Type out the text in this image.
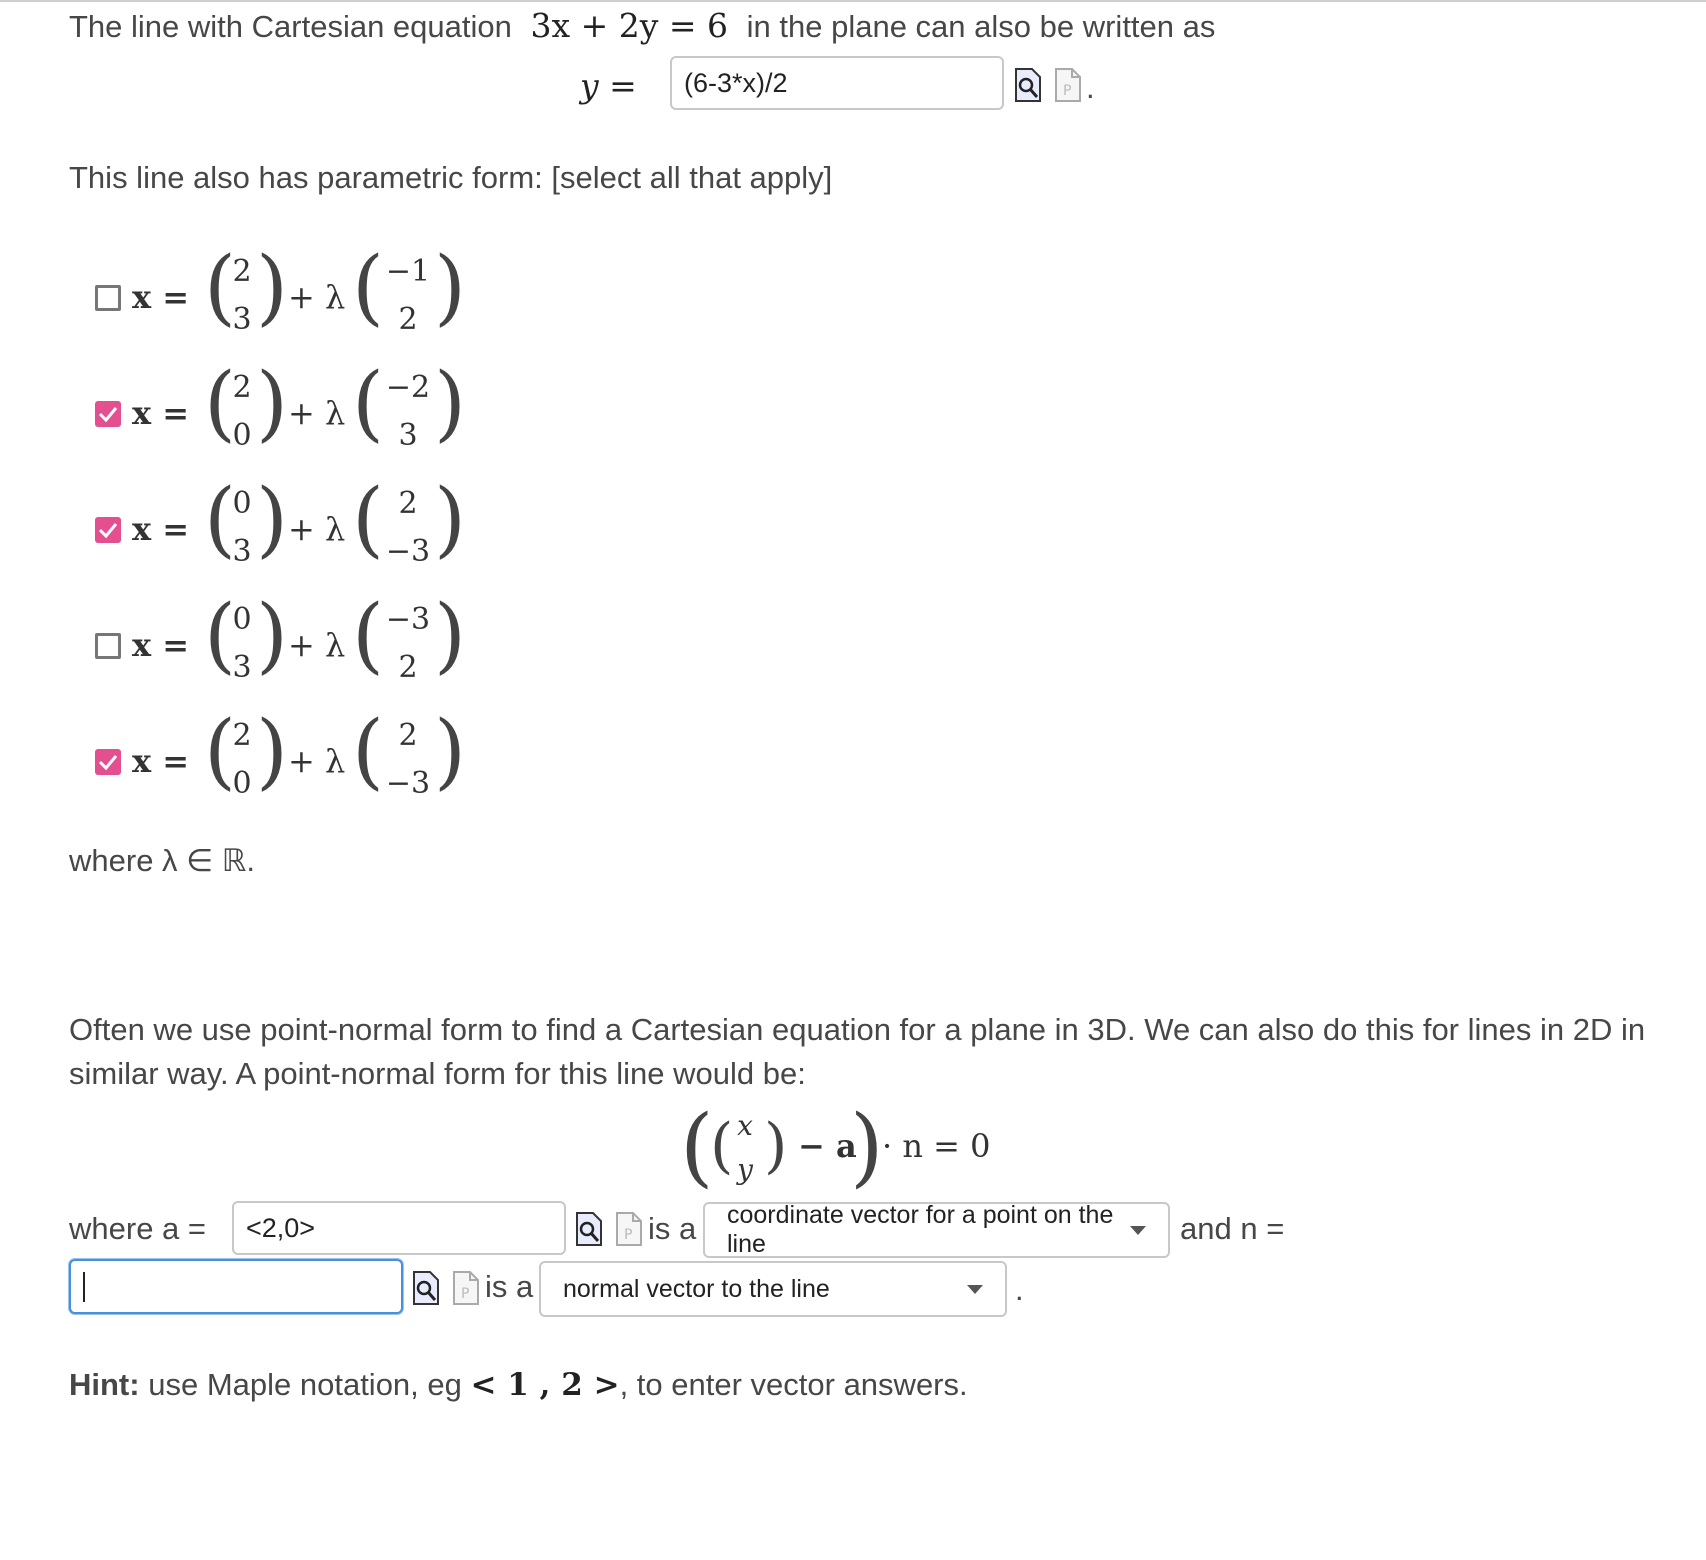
The line with Cartesian equation 3x + 2y = 6 in the plane can also be written as
y = (6-3*x)/2	P .
This line also has parametric form: [select all that apply]
x = (
2
3 ) + λ ( −1
2 )
x = (
2
0 ) + λ ( −2
3 )
x = (
0
3 ) + λ ( 2
−3 )
x = (
0
3 ) + λ ( −3
2 )
x = (
2
0 ) + λ ( 2
−3 )
where λ ∈ ℝ.
Often we use point-normal form to find a Cartesian equation for a plane in 3D. We can also do this for lines in 2D in
similar way. A point-normal form for this line would be:
(
( x
y ) − a
)
· n = 0
where a = <2,0>	P is a coordinate vector for a point on the line	and n =
P is a normal vector to the line	.
Hint: use Maple notation, eg < 1 , 2 >, to enter vector answers.
